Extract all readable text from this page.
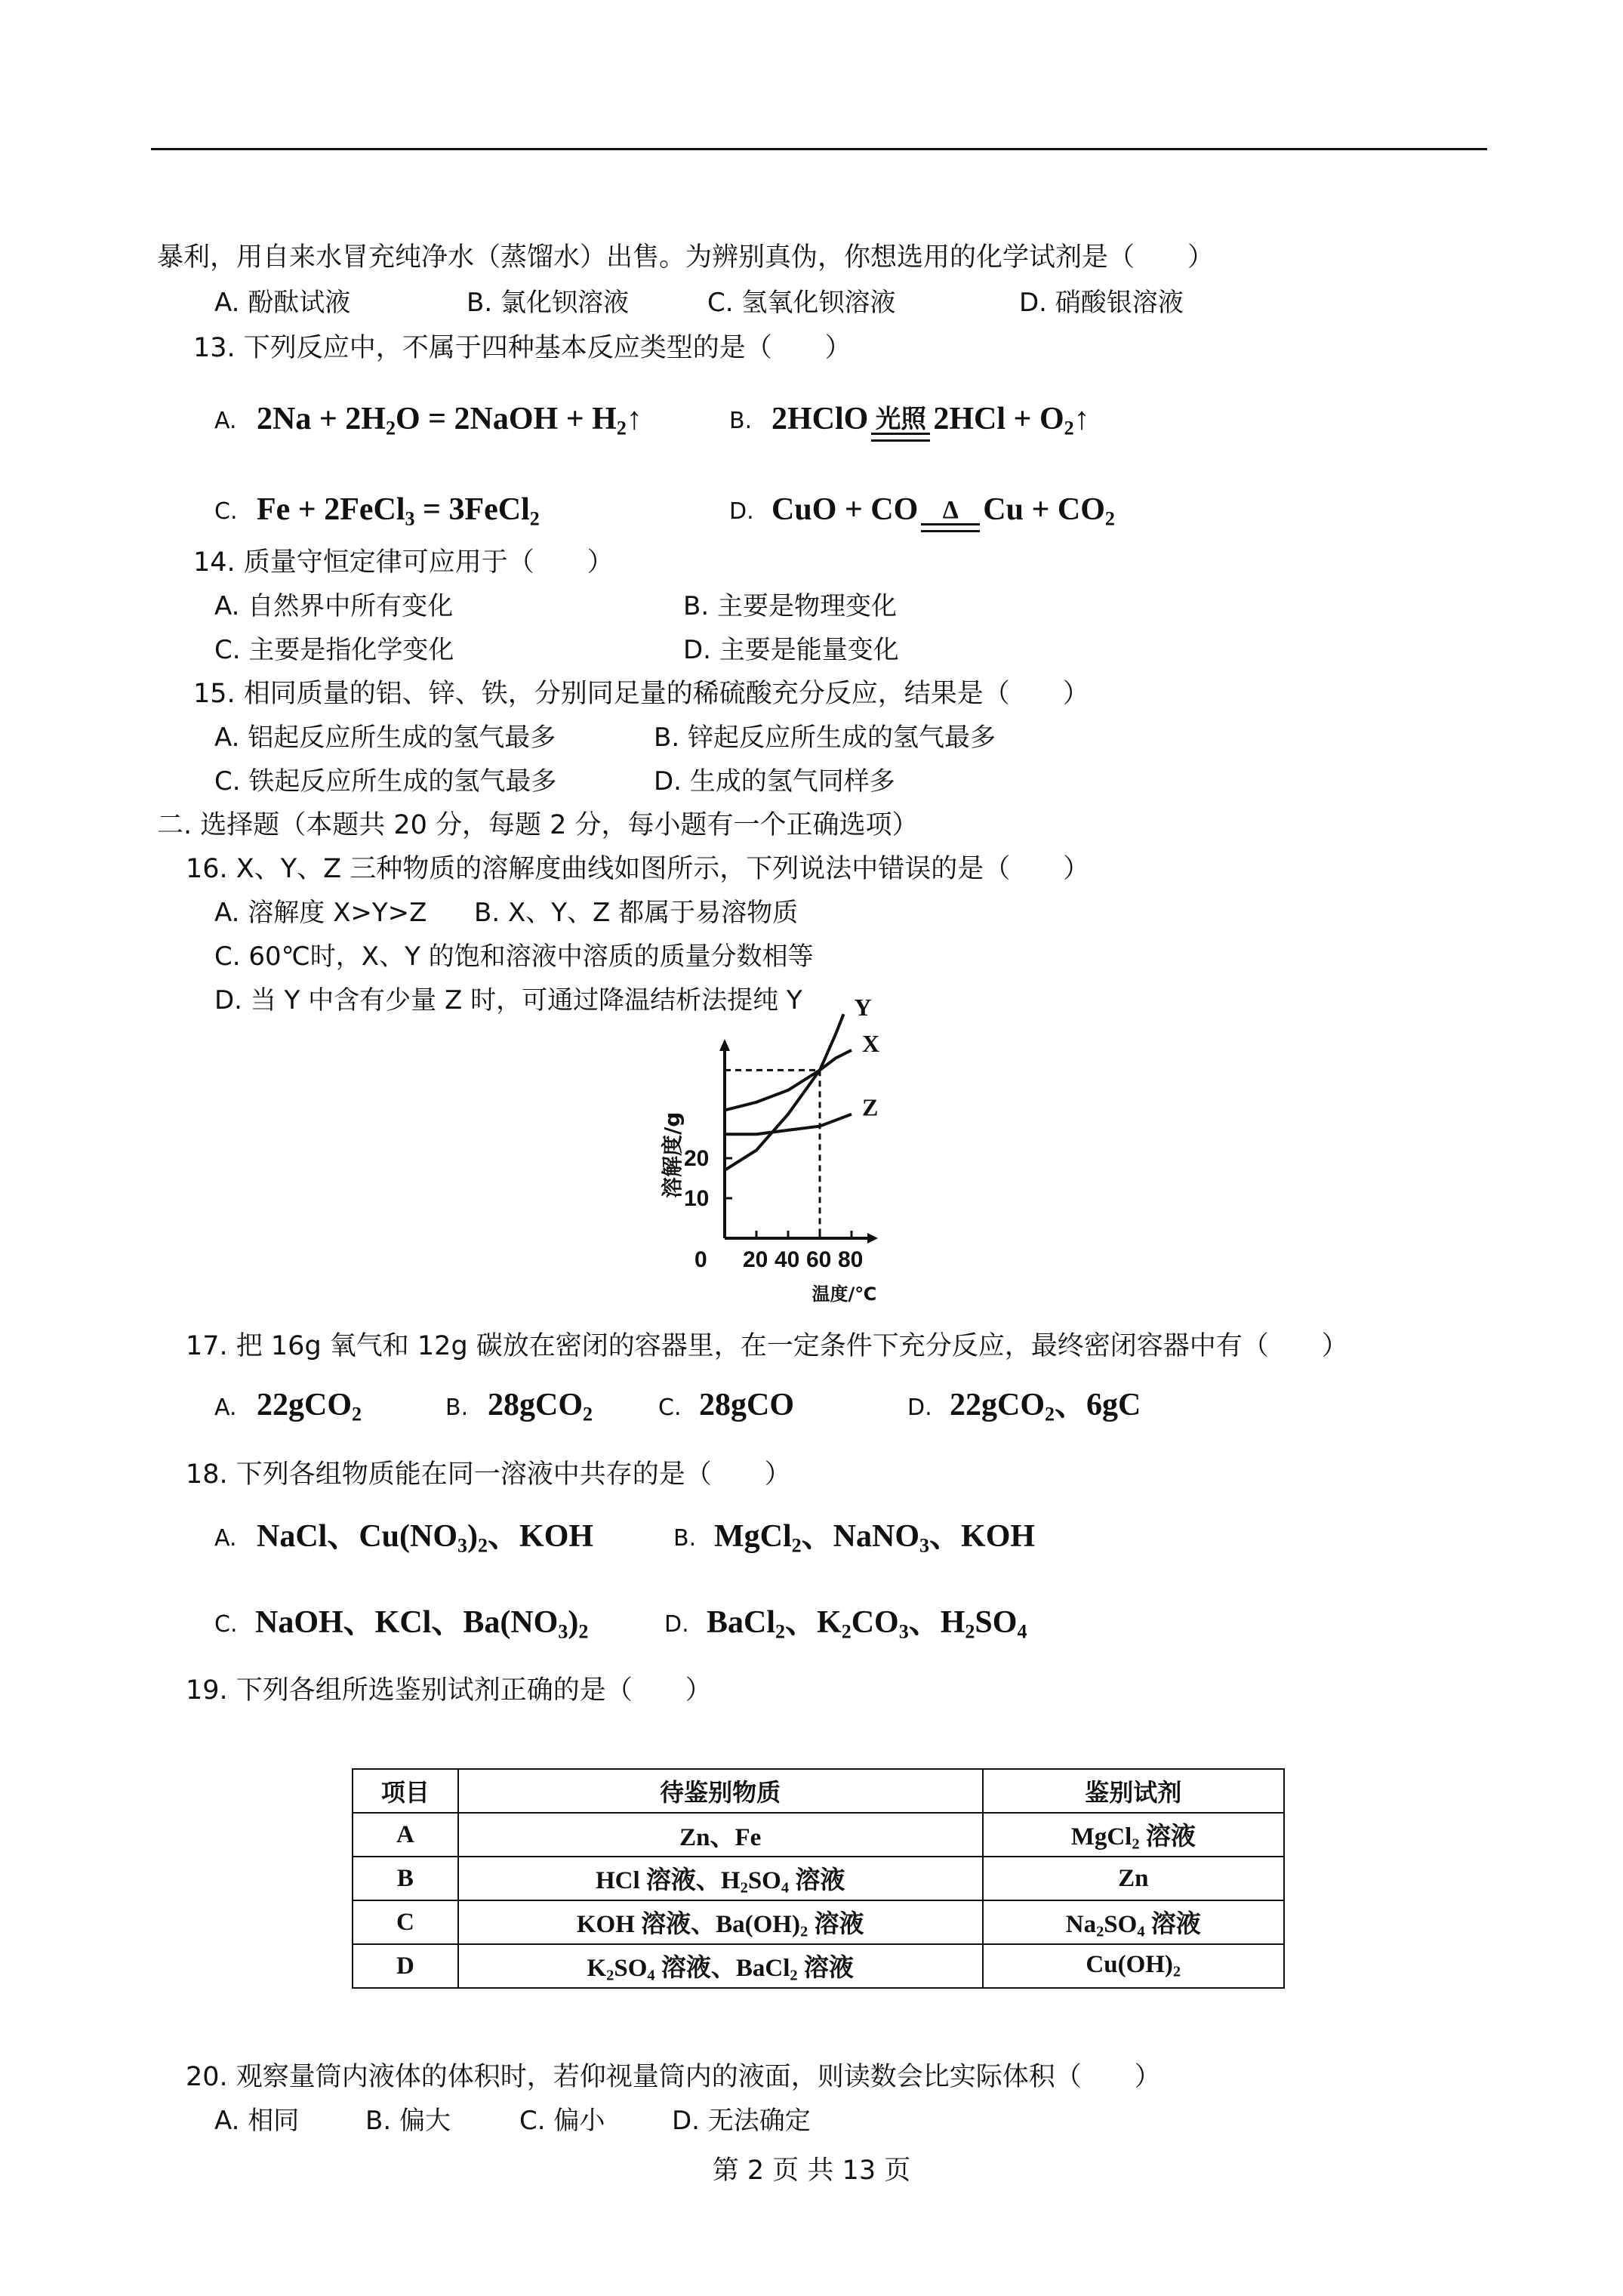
暴利，用自来水冒充纯净水（蒸馏水）出售。为辨别真伪，你想选用的化学试剂是（　　）
A. 酚酞试液	B. 氯化钡溶液	C. 氢氧化钡溶液	D. 硝酸银溶液
13. 下列反应中，不属于四种基本反应类型的是（　　）
A. $2Na + 2H_2O$ = 2NaOH + $H_2↑$	B. 2HClO 光照 $2HCl + O_2↑$
C. Fe + 2FeCl$_3$ = 3FeCl$_2$	D. CuO + CO Δ $Cu + CO_2$
14. 质量守恒定律可应用于（　　）
A. 自然界中所有变化	B. 主要是物理变化
C. 主要是指化学变化	D. 主要是能量变化
15. 相同质量的铝、锌、铁，分别同足量的稀硫酸充分反应，结果是（　　）
A. 铝起反应所生成的氢气最多	B. 锌起反应所生成的氢气最多
C. 铁起反应所生成的氢气最多	D. 生成的氢气同样多
二. 选择题（本题共 20 分，每题 2 分，每小题有一个正确选项）
16. X、Y、Z 三种物质的溶解度曲线如图所示，下列说法中错误的是（　　）
A. 溶解度 X>Y>Z B. X、Y、Z 都属于易溶物质
C. 60℃时，X、Y 的饱和溶液中溶质的质量分数相等
D. 当 Y 中含有少量 Z 时，可通过降温结析法提纯 Y
0 20 40 60 80
10
20
Y
X
Z
温度/℃
溶解度/g
17. 把 16g 氧气和 12g 碳放在密闭的容器里，在一定条件下充分反应，最终密闭容器中有（　　）
A. 22gCO$_2$	B. 28gCO$_2$	C. 28gCO	D. 22gCO$_2$、6gC
18. 下列各组物质能在同一溶液中共存的是（　　）
A. NaCl、$Cu(NO_3)_2$、KOH	B. MgCl$_2$、NaNO$_3$、KOH
C. NaOH、KCl、$Ba(NO_3)_2$	D. BaCl$_2$、$K_2CO_3$、$H_2SO_4$
19. 下列各组所选鉴别试剂正确的是（　　）
项目	待鉴别物质	鉴别试剂
A	Zn、Fe	MgCl$_2$ 溶液
B	HCl 溶液、$H_2SO_4$ 溶液	Zn
C	KOH 溶液、$Ba(OH)_2$ 溶液	$Na_2SO_4$ 溶液
D	$K_2SO_4$ 溶液、BaCl$_2$ 溶液	$Cu(OH)_2$
20. 观察量筒内液体的体积时，若仰视量筒内的液面，则读数会比实际体积（　　）
A. 相同	B. 偏大	C. 偏小	D. 无法确定
第 2 页 共 13 页
